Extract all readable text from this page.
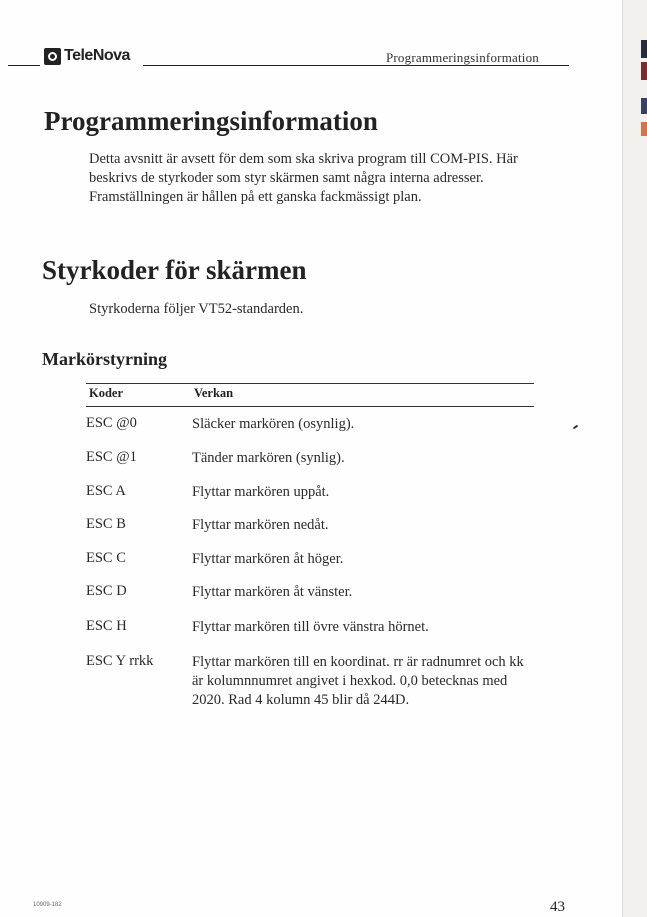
TeleNova	Programmeringsinformation
Programmeringsinformation

Detta avsnitt är avsett för dem som ska skriva program till COM-PIS. Här beskrivs de styrkoder som styr skärmen samt några interna adresser. Framställningen är hållen på ett ganska fackmässigt plan.

Styrkoder för skärmen

Styrkoderna följer VT52-standarden.

Markörstyrning
Koder	Verkan
ESC @0	Släcker markören (osynlig).
ESC @1	Tänder markören (synlig).
ESC A	Flyttar markören uppåt.
ESC B	Flyttar markören nedåt.
ESC C	Flyttar markören åt höger.
ESC D	Flyttar markören åt vänster.
ESC H	Flyttar markören till övre vänstra hörnet.
ESC Y rrkk	Flyttar markören till en koordinat. rr är radnumret och kk är kolumnnumret angivet i hexkod. 0,0 betecknas med 2020. Rad 4 kolumn 45 blir då 244D.
10909-182	43
